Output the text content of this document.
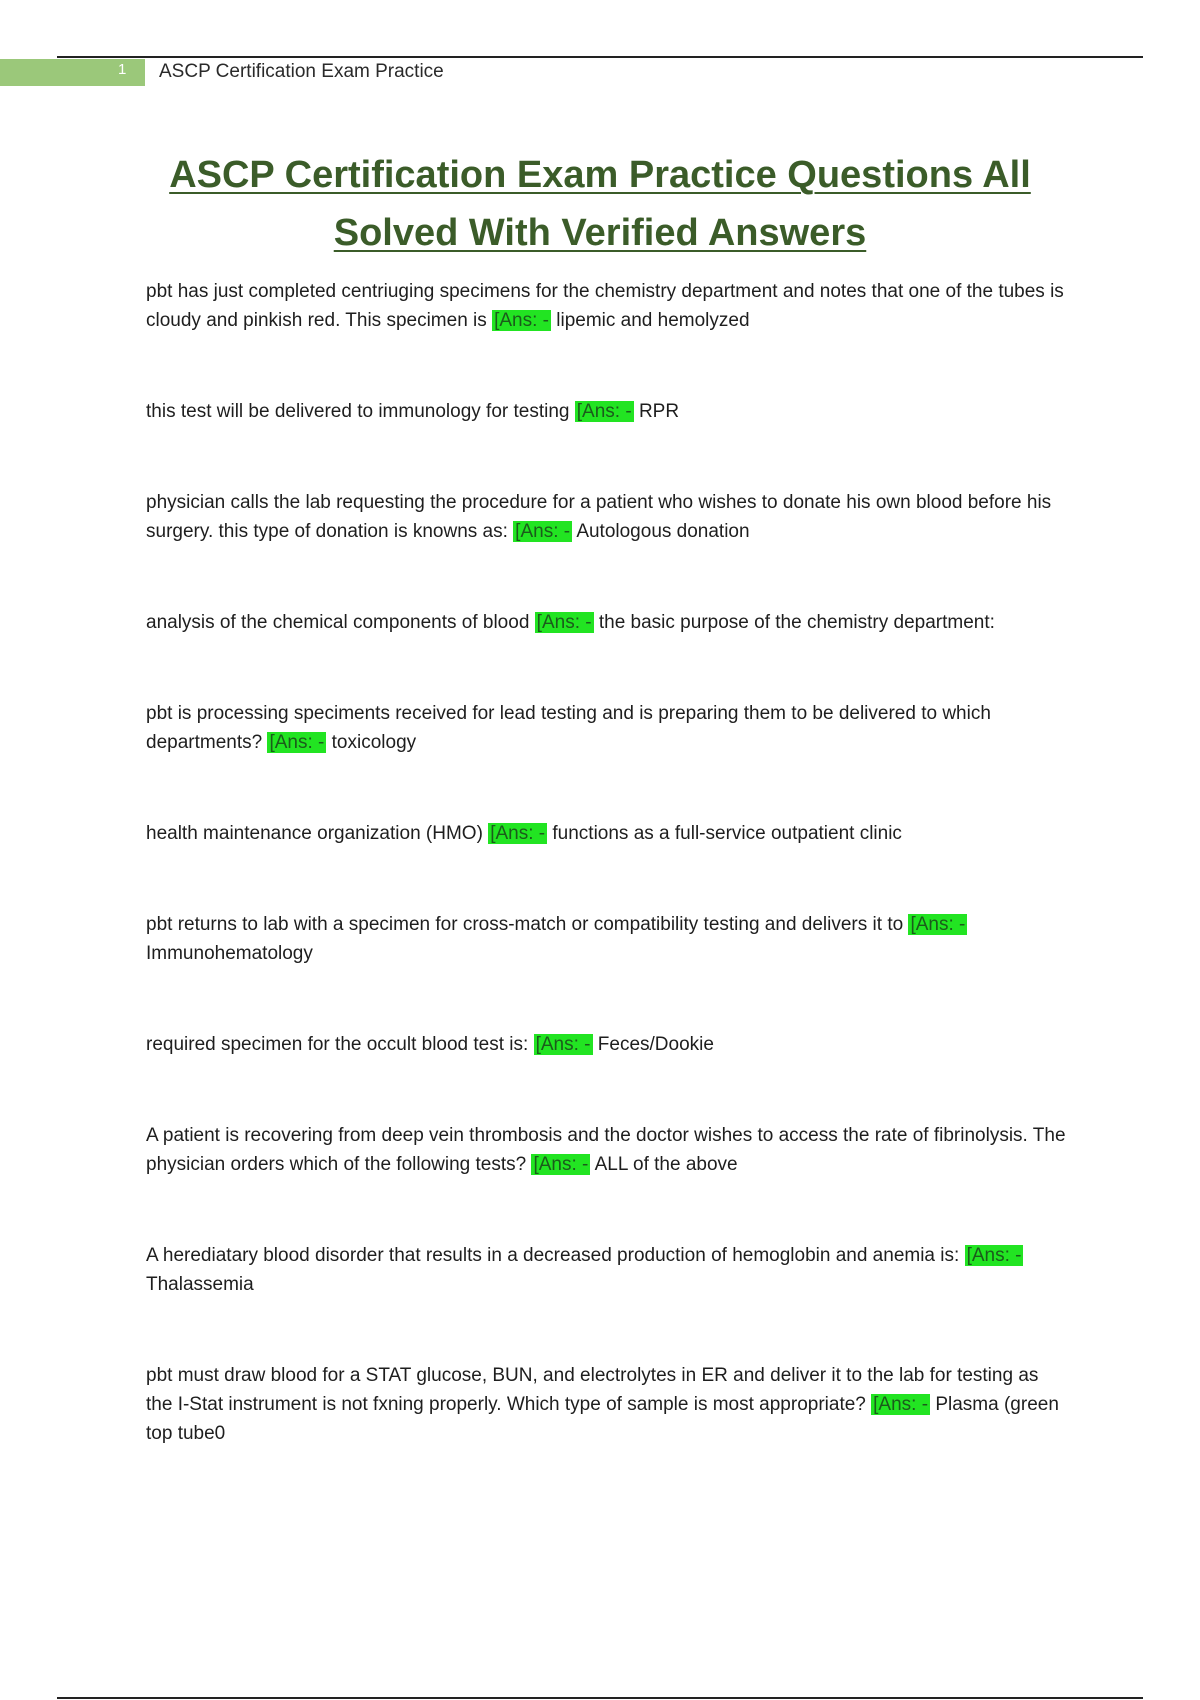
1 ASCP Certification Exam Practice
ASCP Certification Exam Practice Questions All Solved With Verified Answers

pbt has just completed centriuging specimens for the chemistry department and notes that one of the tubes is cloudy and pinkish red. This specimen is [Ans: - lipemic and hemolyzed

this test will be delivered to immunology for testing [Ans: - RPR

physician calls the lab requesting the procedure for a patient who wishes to donate his own blood before his surgery. this type of donation is knowns as: [Ans: - Autologous donation

analysis of the chemical components of blood [Ans: - the basic purpose of the chemistry department:

pbt is processing speciments received for lead testing and is preparing them to be delivered to which departments? [Ans: - toxicology

health maintenance organization (HMO) [Ans: - functions as a full-service outpatient clinic

pbt returns to lab with a specimen for cross-match or compatibility testing and delivers it to [Ans: - Immunohematology

required specimen for the occult blood test is: [Ans: - Feces/Dookie

A patient is recovering from deep vein thrombosis and the doctor wishes to access the rate of fibrinolysis. The physician orders which of the following tests? [Ans: - ALL of the above

A herediatary blood disorder that results in a decreased production of hemoglobin and anemia is: [Ans: - Thalassemia

pbt must draw blood for a STAT glucose, BUN, and electrolytes in ER and deliver it to the lab for testing as the I-Stat instrument is not fxning properly. Which type of sample is most appropriate? [Ans: - Plasma (green top tube0
